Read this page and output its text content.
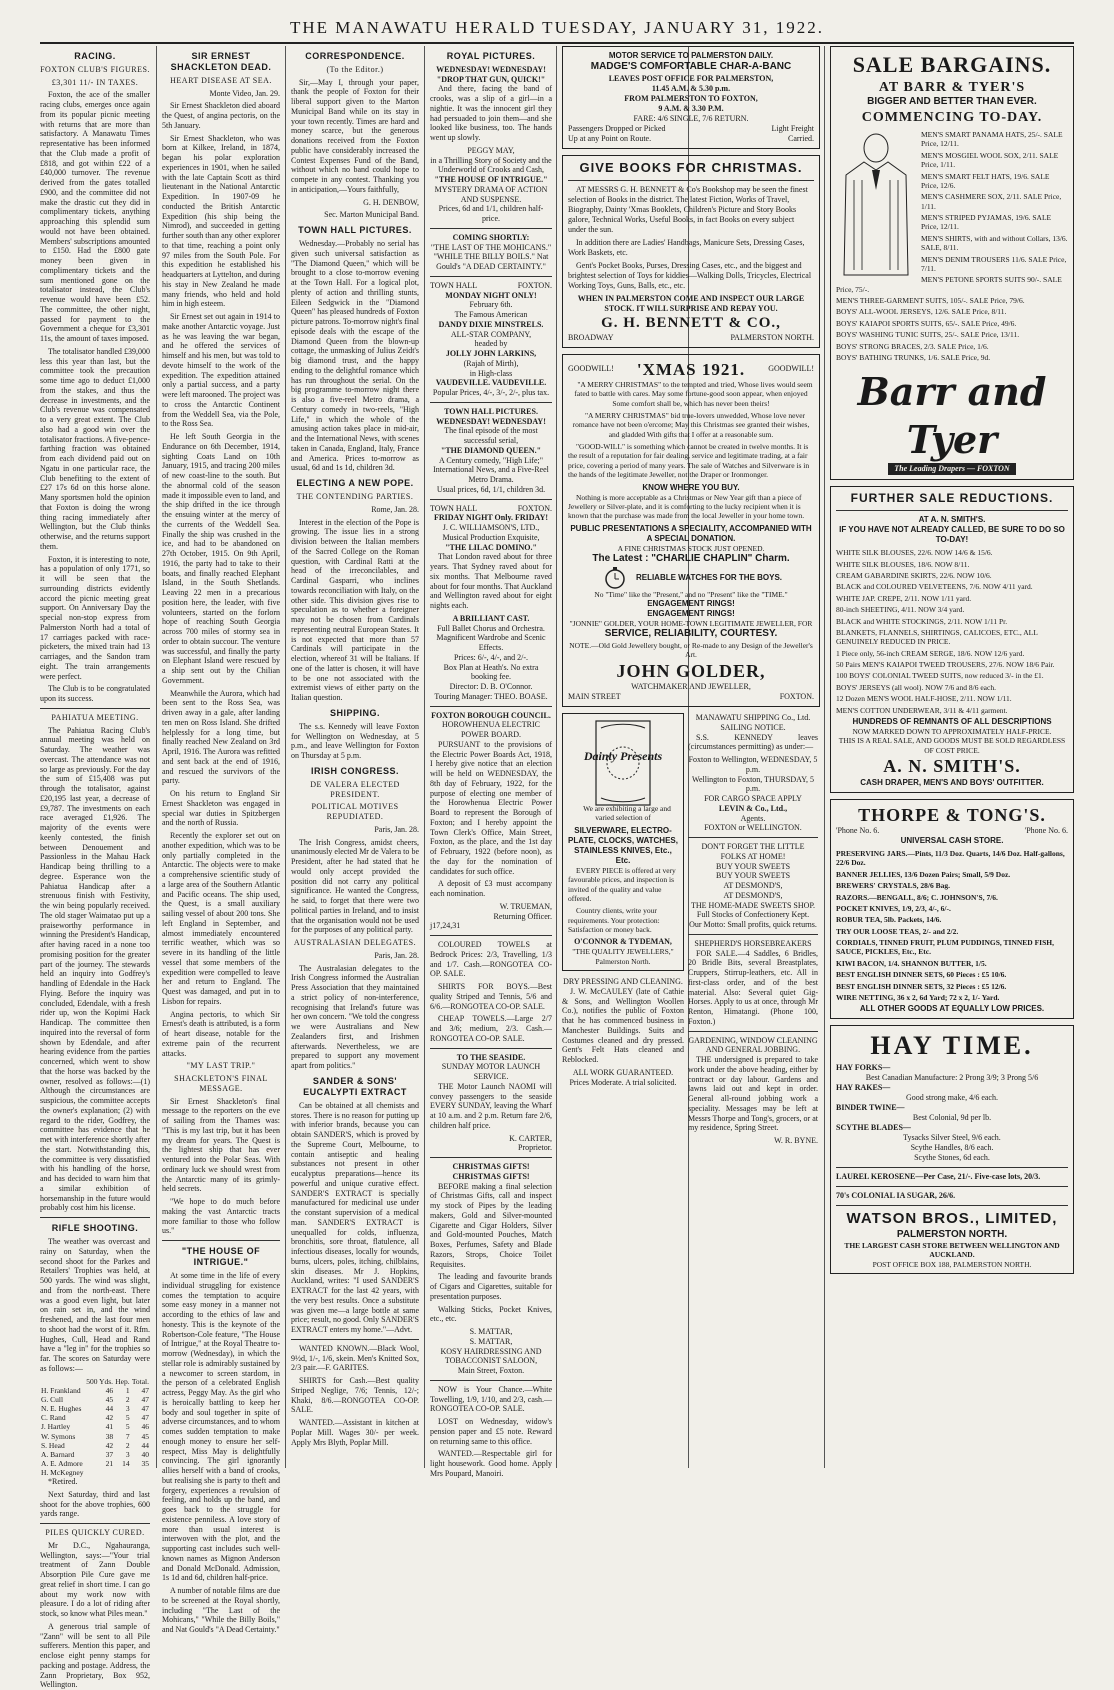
THE MANAWATU HERALD TUESDAY, JANUARY 31, 1922.
RACING.
FOXTON CLUB'S FIGURES.
£3,301 11/- IN TAXES.

Foxton, the ace of the smaller racing clubs, emerges once again from its popular picnic meeting with returns that are more than satisfactory. A Manawatu Times representative has been informed that the Club made a profit of £818, and got within £22 of a £40,000 turnover. The revenue derived from the gates totalled £900, and the committee did not make the drastic cut they did in complimentary tickets, anything approaching this splendid sum would not have been obtained. Members' subscriptions amounted to £150. Had the £800 gate money been given in complimentary tickets and the sum mentioned gone on the totalisator instead, the Club's revenue would have been £52. The committee, the other night, passed for payment to the Government a cheque for £3,301 11s, the amount of taxes imposed.

The totalisator handled £39,000 less this year than last, but the committee took the precaution some time ago to deduct £1,000 from the stakes, and thus the decrease in investments, and the Club's revenue was compensated to a very great extent. The Club also had a good win over the totalisator fractions. A five-pence-farthing fraction was obtained from each dividend paid out on Ngatu in one particular race, the Club benefiting to the extent of £27 17s 6d on this horse alone. Many sportsmen hold the opinion that Foxton is doing the wrong thing racing immediately after Wellington, but the Club thinks otherwise, and the returns support them.

Foxton, it is interesting to note, has a population of only 1771, so it will be seen that the surrounding districts evidently accord the picnic meeting great support. On Anniversary Day the special non-stop express from Palmerston North had a total of 17 carriages packed with race-picketers, the mixed train had 13 carriages, and the Sandon tram eight. The train arrangements were perfect.

The Club is to be congratulated upon its success.

PAHIATUA MEETING.

The Pahiatua Racing Club's annual meeting was held on Saturday. The weather was overcast. The attendance was not so large as previously. For the day the sum of £15,408 was put through the totalisator, against £20,195 last year, a decrease of £9,787. The investments on each race averaged £1,926. The majority of the events were keenly contested, the finish between Denouement and Passionless in the Mahau Hack Handicap being thrilling to a degree. Esperance won the Pahiatua Handicap after a strenuous finish with Festivity, the win being popularly received. The old stager Waimatao put up a praiseworthy performance in winning the President's Handicap, after having raced in a none too promising position for the greater part of the journey. The stewards held an inquiry into Godfrey's handling of Edendale in the Hack Flying. Before the inquiry was concluded, Edendale, with a fresh rider up, won the Kopimi Hack Handicap. The committee then inquired into the reversal of form shown by Edendale, and after hearing evidence from the parties concerned, which went to show that the horse was backed by the owner, resolved as follows:—(1) Although the circumstances are suspicious, the committee accepts the owner's explanation; (2) with regard to the rider, Godfrey, the committee has evidence that he met with interference shortly after the start. Notwithstanding this, the committee is very dissatisfied with his handling of the horse, and has decided to warn him that a similar exhibition of horsemanship in the future would probably cost him his license.

RIFLE SHOOTING.

The weather was overcast and rainy on Saturday, when the second shoot for the Parkes and Retailers' Trophies was held, at 500 yards. The wind was slight, and from the north-east. There was a good even light, but later on rain set in, and the wind freshened, and the last four men to shoot had the worst of it. Rfm. Hughes, Cull, Head and Rand have a "leg in" for the trophies so far. The scores on Saturday were as follows:—

	500 Yds.	Hep.	Total.
H. Frankland	46	1	47
G. Cull	45	2	47
N. E. Hughes	44	3	47
C. Rand	42	5	47
J. Hartley	41	5	46
W. Symons	38	7	45
S. Head	42	2	44
A. Barnard	37	3	40
A. E. Admore	21	14	35
H. McKegney			

*Retired.

Next Saturday, third and last shoot for the above trophies, 600 yards range.

PILES QUICKLY CURED.

Mr D.C., Ngahauranga, Wellington, says:—"Your trial treatment of Zann Double Absorption Pile Cure gave me great relief in short time. I can go about my work now with pleasure. I do a lot of riding after stock, so know what Piles mean."

A generous trial sample of "Zann" will be sent to all Pile sufferers. Mention this paper, and enclose eight penny stamps for packing and postage. Address, the Zann Proprietary, Box 952, Wellington.

SIR ERNEST SHACKLETON DEAD.
HEART DISEASE AT SEA.

Monte Video, Jan. 29.

Sir Ernest Shackleton died aboard the Quest, of angina pectoris, on the 5th January.

Sir Ernest Shackleton, who was born at Kilkee, Ireland, in 1874, began his polar exploration experiences in 1901, when he sailed with the late Captain Scott as third lieutenant in the National Antarctic Expedition. In 1907-09 he conducted the British Antarctic Expedition (his ship being the Nimrod), and succeeded in getting further south than any other explorer to that time, reaching a point only 97 miles from the South Pole. For this expedition he established his headquarters at Lyttelton, and during his stay in New Zealand he made many friends, who held and hold him in high esteem.

Sir Ernest set out again in 1914 to make another Antarctic voyage. Just as he was leaving the war began, and he offered the services of himself and his men, but was told to devote himself to the work of the expedition. The expedition attained only a partial success, and a party were left marooned. The project was to cross the Antarctic Continent from the Weddell Sea, via the Pole, to the Ross Sea.

He left South Georgia in the Endurance on 6th December, 1914, sighting Coats Land on 10th January, 1915, and tracing 200 miles of new coast-line to the south. But the abnormal cold of the season made it impossible even to land, and the ship drifted in the ice through the ensuing winter at the mercy of the currents of the Weddell Sea. Finally the ship was crushed in the ice, and had to be abandoned on 27th October, 1915. On 9th April, 1916, the party had to take to their boats, and finally reached Elephant Island, in the South Shetlands. Leaving 22 men in a precarious position here, the leader, with five volunteers, started on the forlorn hope of reaching South Georgia across 700 miles of stormy sea in order to obtain succour. The venture was successful, and finally the party on Elephant Island were rescued by a ship sent out by the Chilian Government.

Meanwhile the Aurora, which had been sent to the Ross Sea, was driven away in a gale, after landing ten men on Ross Island. She drifted helplessly for a long time, but finally reached New Zealand on 3rd April, 1916. The Aurora was refitted and sent back at the end of 1916, and rescued the survivors of the party.

On his return to England Sir Ernest Shackleton was engaged in special war duties in Spitzbergen and the north of Russia.

Recently the explorer set out on another expedition, which was to be only partially completed in the Antarctic. The objects were to make a comprehensive scientific study of a large area of the Southern Atlantic and Pacific oceans. The ship used, the Quest, is a small auxiliary sailing vessel of about 200 tons. She left England in September, and almost immediately encountered terrific weather, which was so severe in its handling of the little vessel that some members of the expedition were compelled to leave her and return to England. The Quest was damaged, and put in to Lisbon for repairs.

Angina pectoris, to which Sir Ernest's death is attributed, is a form of heart disease, notable for the extreme pain of the recurrent attacks.

"MY LAST TRIP."
SHACKLETON'S FINAL MESSAGE.

Sir Ernest Shackleton's final message to the reporters on the eve of sailing from the Thames was: "This is my last trip, but it has been my dream for years. The Quest is the lightest ship that has ever ventured into the Polar Seas. With ordinary luck we should wrest from the Antarctic many of its grimly-held secrets.

"We hope to do much before making the vast Antarctic tracts more familiar to those who follow us."

"THE HOUSE OF INTRIGUE."

At some time in the life of every individual struggling for existence comes the temptation to acquire some easy money in a manner not according to the ethics of law and honesty. This is the keynote of the Robertson-Cole feature, "The House of Intrigue," at the Royal Theatre to-morrow (Wednesday), in which the stellar role is admirably sustained by a newcomer to screen stardom, in the person of a celebrated English actress, Peggy May. As the girl who is heroically battling to keep her body and soul together in spite of adverse circumstances, and to whom comes sudden temptation to make enough money to ensure her self-respect, Miss May is delightfully convincing. The girl ignorantly allies herself with a band of crooks, but realising she is party to theft and forgery, experiences a revulsion of feeling, and holds up the band, and goes back to the struggle for existence penniless. A love story of more than usual interest is interwoven with the plot, and the supporting cast includes such well-known names as Mignon Anderson and Donald McDonald. Admission, 1s 1d and 6d, children half-price.

A number of notable films are due to be screened at the Royal shortly, including "The Last of the Mohicans," "While the Billy Boils," and Nat Gould's "A Dead Certainty."

CORRESPONDENCE.
(To the Editor.)

Sir,—May I, through your paper, thank the people of Foxton for their liberal support given to the Marton Municipal Band while on its stay in your town recently. Times are hard and money scarce, but the generous donations received from the Foxton public have considerably increased the Contest Expenses Fund of the Band, without which no band could hope to compete in any contest. Thanking you in anticipation,—Yours faithfully,

G. H. DENBOW,

Sec. Marton Municipal Band.

TOWN HALL PICTURES.

Wednesday.—Probably no serial has given such universal satisfaction as "The Diamond Queen," which will be brought to a close to-morrow evening at the Town Hall. For a logical plot, plenty of action and thrilling stunts, Eileen Sedgwick in the "Diamond Queen" has pleased hundreds of Foxton picture patrons. To-morrow night's final episode deals with the escape of the Diamond Queen from the blown-up cottage, the unmasking of Julius Zeidt's big diamond trust, and the happy ending to the delightful romance which has run throughout the serial. On the big programme to-morrow night there is also a five-reel Metro drama, a Century comedy in two-reels, "High Life," in which the whole of the amusing action takes place in mid-air, and the International News, with scenes taken in Canada, England, Italy, France and America. Prices to-morrow as usual, 6d and 1s 1d, children 3d.

ELECTING A NEW POPE.
THE CONTENDING PARTIES.

Rome, Jan. 28.

Interest in the election of the Pope is growing. The issue lies in a strong division between the Italian members of the Sacred College on the Roman question, with Cardinal Ratti at the head of the irreconcilables, and Cardinal Gasparri, who inclines towards reconciliation with Italy, on the other side. This division gives rise to speculation as to whether a foreigner may not be chosen from Cardinals representing neutral European States. It is not expected that more than 57 Cardinals will participate in the election, whereof 31 will be Italians. If one of the latter is chosen, it will have to be one not associated with the extremist views of either party on the Italian question.

SHIPPING.

The s.s. Kennedy will leave Foxton for Wellington on Wednesday, at 5 p.m., and leave Wellington for Foxton on Thursday at 5 p.m.

IRISH CONGRESS.
DE VALERA ELECTED PRESIDENT.
POLITICAL MOTIVES REPUDIATED.

Paris, Jan. 28.

The Irish Congress, amidst cheers, unanimously elected Mr de Valera to be President, after he had stated that he would only accept provided the position did not carry any political significance. He wanted the Congress, he said, to forget that there were two political parties in Ireland, and to insist that the organisation would not be used for the purposes of any political party.

AUSTRALASIAN DELEGATES.

Paris, Jan. 28.

The Australasian delegates to the Irish Congress informed the Australian Press Association that they maintained a strict policy of non-interference, recognising that Ireland's future was her own concern. "We told the congress we were Australians and New Zealanders first, and Irishmen afterwards. Nevertheless, we are prepared to support any movement apart from politics."

SANDER & SONS' EUCALYPTI EXTRACT

Can be obtained at all chemists and stores. There is no reason for putting up with inferior brands, because you can obtain SANDER'S, which is proved by the Supreme Court, Melbourne, to contain antiseptic and healing substances not present in other eucalyptus preparations—hence its powerful and unique curative effect. SANDER'S EXTRACT is specially manufactured for medicinal use under the constant supervision of a medical man. SANDER'S EXTRACT is unequalled for colds, influenza, bronchitis, sore throat, flatulence, all infectious diseases, locally for wounds, burns, ulcers, poles, itching, chilblains, skin diseases. Mr J. Hopkins, Auckland, writes: "I used SANDER'S EXTRACT for the last 42 years, with the very best results. Once a substitute was given me—a large bottle at same price; result, no good. Only SANDER'S EXTRACT enters my home."—Advt.

WANTED KNOWN.—Black Wool, 9½d, 1/-, 1/6, skein. Men's Knitted Sox, 2/3 pair.—F. GARITES.

SHIRTS for Cash.—Best quality Striped Neglige, 7/6; Tennis, 12/-; Khaki, 8/6.—RONGOTEA CO-OP. SALE.

WANTED.—Assistant in kitchen at Poplar Mill. Wages 30/- per week. Apply Mrs Blyth, Poplar Mill.

ROYAL PICTURES.
WEDNESDAY! WEDNESDAY!
"DROP THAT GUN, QUICK!"

And there, facing the band of crooks, was a slip of a girl—in a nightie. It was the innocent girl they had persuaded to join them—and she looked like business, too. The hands went up slowly.

PEGGY MAY,
in a Thrilling Story of Society and the Underworld of Crooks and Cash,
"THE HOUSE OF INTRIGUE."
MYSTERY DRAMA OF ACTION AND SUSPENSE.
Prices, 6d and 1/1, children half-price.
COMING SHORTLY:
"THE LAST OF THE MOHICANS." "WHILE THE BILLY BOILS." Nat Gould's "A DEAD CERTAINTY."
TOWN HALL	FOXTON.
MONDAY NIGHT ONLY!
February 6th.
The Famous American
DANDY DIXIE MINSTRELS.
ALL-STAR COMPANY,
headed by
JOLLY JOHN LARKINS,
(Rajah of Mirth),
in High-class
VAUDEVILLE. VAUDEVILLE.
Popular Prices, 4/-, 3/-, 2/-, plus tax.
TOWN HALL PICTURES.
WEDNESDAY! WEDNESDAY!
The final episode of the most successful serial,
"THE DIAMOND QUEEN."
A Century comedy, "High Life;" International News, and a Five-Reel Metro Drama.
Usual prices, 6d, 1/1, children 3d.
TOWN HALL	FOXTON.
FRIDAY NIGHT Only. FRIDAY!
J. C. WILLIAMSON'S, LTD.,
Musical Production Exquisite,
"THE LILAC DOMINO."

That London raved about for three years. That Sydney raved about for six months. That Melbourne raved about for four months. That Auckland and Wellington raved about for eight nights each.

A BRILLIANT CAST.
Full Ballet Chorus and Orchestra. Magnificent Wardrobe and Scenic Effects.
Prices: 6/-, 4/-, and 2/-.
Box Plan at Heath's. No extra booking fee.
Director: D. B. O'Connor.
Touring Manager: THEO. BOASE.
FOXTON BOROUGH COUNCIL.
HOROWHENUA ELECTRIC POWER BOARD.

PURSUANT to the provisions of the Electric Power Boards Act, 1918, I hereby give notice that an election will be held on WEDNESDAY, the 8th day of February, 1922, for the purpose of electing one member of the Horowhenua Electric Power Board to represent the Borough of Foxton; and I hereby appoint the Town Clerk's Office, Main Street, Foxton, as the place, and the 1st day of February, 1922 (before noon), as the day for the nomination of candidates for such office.

A deposit of £3 must accompany each nomination.

W. TRUEMAN,
Returning Officer.
j17,24,31

COLOURED TOWELS at Bedrock Prices: 2/3, Travelling, 1/3 and 1/7. Cash.—RONGOTEA CO-OP. SALE.

SHIRTS FOR BOYS.—Best quality Striped and Tennis, 5/6 and 6/6.—RONGOTEA CO-OP. SALE.

CHEAP TOWELS.—Large 2/7 and 3/6; medium, 2/3. Cash.—RONGOTEA CO-OP. SALE.

TO THE SEASIDE.
SUNDAY MOTOR LAUNCH SERVICE.

THE Motor Launch NAOMI will convey passengers to the seaside EVERY SUNDAY, leaving the Wharf at 10 a.m. and 2 p.m. Return fare 2/6, children half price.

K. CARTER,
Proprietor.
CHRISTMAS GIFTS!
CHRISTMAS GIFTS!

BEFORE making a final selection of Christmas Gifts, call and inspect my stock of Pipes by the leading makers, Gold and Silver-mounted Cigarette and Cigar Holders, Silver and Gold-mounted Pouches, Match Boxes, Perfumes, Safety and Blade Razors, Strops, Choice Toilet Requisites.

The leading and favourite brands of Cigars and Cigarettes, suitable for presentation purposes.

Walking Sticks, Pocket Knives, etc., etc.

S. MATTAR,
S. MATTAR,
KOSY HAIRDRESSING AND TOBACCONIST SALOON,
Main Street, Foxton.

NOW is Your Chance.—White Towelling, 1/9, 1/10, and 2/3, cash.—RONGOTEA CO-OP. SALE.

LOST on Wednesday, widow's pension paper and £5 note. Reward on returning same to this office.

WANTED.—Respectable girl for light housework. Good home. Apply Mrs Poupard, Manoiri.

MOTOR SERVICE TO PALMERSTON DAILY.
MADGE'S COMFORTABLE CHAR-A-BANC
LEAVES POST OFFICE FOR PALMERSTON,
11.45 A.M. & 5.30 p.m.
FROM PALMERSTON TO FOXTON,
9 A.M. & 3.30 P.M.
FARE: 4/6 SINGLE, 7/6 RETURN.
Passengers Dropped or Picked	Light Freight
Up at any Point on Route.	Carried.
GIVE BOOKS FOR CHRISTMAS.

AT MESSRS G. H. BENNETT & Co's Bookshop may be seen the finest selection of Books in the district. The latest Fiction, Works of Travel, Biography, Dainty 'Xmas Booklets, Children's Picture and Story Books galore, Technical Works, Useful Books, in fact Books on every subject under the sun.

In addition there are Ladies' Handbags, Manicure Sets, Dressing Cases, Work Baskets, etc.

Gent's Pocket Books, Purses, Dressing Cases, etc., and the biggest and brightest selection of Toys for kiddies—Walking Dolls, Tricycles, Electrical Working Toys, Guns, Balls, etc., etc.

WHEN IN PALMERSTON COME AND INSPECT OUR LARGE STOCK. IT WILL SURPRISE AND REPAY YOU.
G. H. BENNETT & CO.,
BROADWAY	PALMERSTON NORTH.
GOODWILL! 'XMAS 1921.	GOODWILL!

"A MERRY CHRISTMAS" to the tempted and tried, Whose lives would seem fated to battle with cares. May some fortune-good soon appear, when enjoyed Some comfort shall be, which has never been theirs!

"A MERRY CHRISTMAS" bid true-lovers unwedded, Whose love never romance have not been o'ercome; May this Christmas see granted their wishes, and gladded With gifts that I offer at a reasonable sum.

"GOOD-WILL" is something which cannot be created in twelve months. It is the result of a reputation for fair dealing, service and legitimate trading, at a fair price, covering a period of many years. The sale of Watches and Silverware is in the hands of the legitimate Jeweller, not the Draper or Ironmonger.

KNOW WHERE YOU BUY.

Nothing is more acceptable as a Christmas or New Year gift than a piece of Jewellery or Silver-plate, and it is comforting to the lucky recipient when it is known that the purchase was made from the local Jeweller in your home town.

PUBLIC PRESENTATIONS A SPECIALITY, ACCOMPANIED WITH A SPECIAL DONATION.
A FINE CHRISTMAS STOCK JUST OPENED.
The Latest : "CHARLIE CHAPLIN" Charm.
RELIABLE WATCHES FOR THE BOYS.
No "Time" like the "Present," and no "Present" like the "TIME."
ENGAGEMENT RINGS!
ENGAGEMENT RINGS!
"JONNIE" GOLDER, YOUR HOME-TOWN LEGITIMATE JEWELLER, FOR
SERVICE, RELIABILITY, COURTESY.
NOTE.—Old Gold Jewellery bought, or Re-made to any Design of the Jeweller's Art.
JOHN GOLDER,
WATCHMAKER AND JEWELLER,
MAIN STREET	FOXTON.
Dainty Presents

We are exhibiting a large and varied selection of

SILVERWARE, ELECTRO-PLATE, CLOCKS, WATCHES, STAINLESS KNIVES, Etc., Etc.

EVERY PIECE is offered at very favourable prices, and inspection is invited of the quality and value offered.

Country clients, write your requirements. Your protection: Satisfaction or money back.

O'CONNOR & TYDEMAN,
"THE QUALITY JEWELLERS,"
Palmerston North.
DRY PRESSING AND CLEANING.

J. W. McCAULEY (late of Cathie & Sons, and Wellington Woollen Co.), notifies the public of Foxton that he has commenced business in Manchester Buildings. Suits and Costumes cleaned and dry pressed. Gent's Felt Hats cleaned and Reblocked.

ALL WORK GUARANTEED.
Prices Moderate. A trial solicited.
MANAWATU SHIPPING Co., Ltd.
SAILING NOTICE.

S.S. KENNEDY leaves (circumstances permitting) as under:—

Foxton to Wellington, WEDNESDAY, 5 p.m.
Wellington to Foxton, THURSDAY, 5 p.m.
FOR CARGO SPACE APPLY
LEVIN & Co., Ltd.,
Agents.
FOXTON or WELLINGTON.
DON'T FORGET THE LITTLE FOLKS AT HOME!
BUY YOUR SWEETS
BUY YOUR SWEETS
AT DESMOND'S,
AT DESMOND'S,
THE HOME-MADE SWEETS SHOP.
Full Stocks of Confectionery Kept.
Our Motto: Small profits, quick returns.
SHEPHERD'S HORSEBREAKERS

FOR SALE.—4 Saddles, 6 Bridles, 20 Bridle Bits, several Breastplates, Cruppers, Stirrup-leathers, etc. All in first-class order, and of the best material. Also: Several quiet Gig-Horses. Apply to us at once, through Mr Renton, Himatangi. (Phone 100, Foxton.)

GARDENING, WINDOW CLEANING AND GENERAL JOBBING.

THE undersigned is prepared to take work under the above heading, either by contract or day labour. Gardens and lawns laid out and kept in order. General all-round jobbing work a speciality. Messages may be left at Messrs Thorpe and Tong's, grocers, or at my residence, Spring Street.

W. R. BYNE.
SALE BARGAINS.
AT BARR & TYER'S
BIGGER AND BETTER THAN EVER.
COMMENCING TO-DAY.
MEN'S SMART PANAMA HATS, 25/-. SALE Price, 12/11.
MEN'S MOSGIEL WOOL SOX, 2/11. SALE Price, 1/11.
MEN'S SMART FELT HATS, 19/6. SALE Price, 12/6.
MEN'S CASHMERE SOX, 2/11. SALE Price, 1/11.
MEN'S STRIPED PYJAMAS, 19/6. SALE Price, 12/11.
MEN'S SHIRTS, with and without Collars, 13/6. SALE, 8/11.
MEN'S DENIM TROUSERS 11/6. SALE Price, 7/11.
MEN'S PETONE SPORTS SUITS 90/-. SALE Price, 75/-.
MEN'S THREE-GARMENT SUITS, 105/-. SALE Price, 79/6.
BOYS' ALL-WOOL JERSEYS, 12/6. SALE Price, 8/11.
BOYS' KAIAPOI SPORTS SUITS, 65/-. SALE Price, 49/6.
BOYS' WASHING TUNIC SUITS, 25/-. SALE Price, 13/11.
BOYS' STRONG BRACES, 2/3. SALE Price, 1/6.
BOYS' BATHING TRUNKS, 1/6. SALE Price, 9d.
Barr and Tyer
The Leading Drapers — FOXTON
FURTHER SALE REDUCTIONS.
AT A. N. SMITH'S.
IF YOU HAVE NOT ALREADY CALLED, BE SURE TO DO SO TO-DAY!
WHITE SILK BLOUSES, 22/6. NOW 14/6 & 15/6.
WHITE SILK BLOUSES, 18/6. NOW 8/11.
CREAM GABARDINE SKIRTS, 22/6. NOW 10/6.
BLACK and COLOURED VELVETEENS, 7/6. NOW 4/11 yard.
WHITE JAP. CREPE, 2/11. NOW 1/11 yard.
80-inch SHEETING, 4/11. NOW 3/4 yard.
BLACK and WHITE STOCKINGS, 2/11. NOW 1/11 Pr.
BLANKETS, FLANNELS, SHIRTINGS, CALICOES, ETC., ALL GENUINELY REDUCED IN PRICE.
1 Piece only, 56-inch CREAM SERGE, 18/6. NOW 12/6 yard.
50 Pairs MEN'S KAIAPOI TWEED TROUSERS, 27/6. NOW 18/6 Pair.
100 BOYS' COLONIAL TWEED SUITS, now reduced 3/- in the £1.
BOYS' JERSEYS (all wool). NOW 7/6 and 8/6 each.
12 Dozen MEN'S WOOL HALF-HOSE, 2/11. NOW 1/11.
MEN'S COTTON UNDERWEAR, 3/11 & 4/11 garment.
HUNDREDS OF REMNANTS OF ALL DESCRIPTIONS
NOW MARKED DOWN TO APPROXIMATELY HALF-PRICE.
THIS IS A REAL SALE, AND GOODS MUST BE SOLD REGARDLESS OF COST PRICE.
A. N. SMITH'S.
CASH DRAPER, MEN'S AND BOYS' OUTFITTER.
THORPE & TONG'S.
'Phone No. 6.	'Phone No. 6.
UNIVERSAL CASH STORE.
PRESERVING JARS.—Pints, 11/3 Doz. Quarts, 14/6 Doz. Half-gallons, 22/6 Doz.
BANNER JELLIES, 13/6 Dozen Pairs; Small, 5/9 Doz.
BREWERS' CRYSTALS, 28/6 Bag.
RAZORS.—BENGALL, 8/6; C. JOHNSON'S, 7/6.
POCKET KNIVES, 1/9, 2/3, 4/-, 6/-.
ROBUR TEA, 5lb. Packets, 14/6.
TRY OUR LOOSE TEAS, 2/- and 2/2.
CORDIALS, TINNED FRUIT, PLUM PUDDINGS, TINNED FISH, SAUCE, PICKLES, Etc., Etc.
KIWI BACON, 1/4. SHANNON BUTTER, 1/5.
BEST ENGLISH DINNER SETS, 60 Pieces : £5 10/6.
BEST ENGLISH DINNER SETS, 32 Pieces : £5 12/6.
WIRE NETTING, 36 x 2, 6d Yard; 72 x 2, 1/- Yard.
ALL OTHER GOODS AT EQUALLY LOW PRICES.
HAY TIME.
HAY FORKS—
Best Canadian Manufacture: 2 Prong 3/9; 3 Prong 5/6
HAY RAKES—
Good strong make, 4/6 each.
BINDER TWINE—
Best Colonial, 9d per lb.
SCYTHE BLADES—
Tysacks Silver Steel, 9/6 each.
Scythe Handles, 8/6 each.
Scythe Stones, 6d each.
LAUREL KEROSENE—Per Case, 21/-. Five-case lots, 20/3.
70's COLONIAL IA SUGAR, 26/6.
WATSON BROS., LIMITED,
PALMERSTON NORTH.
THE LARGEST CASH STORE BETWEEN WELLINGTON AND AUCKLAND.
POST OFFICE BOX 188, PALMERSTON NORTH.
